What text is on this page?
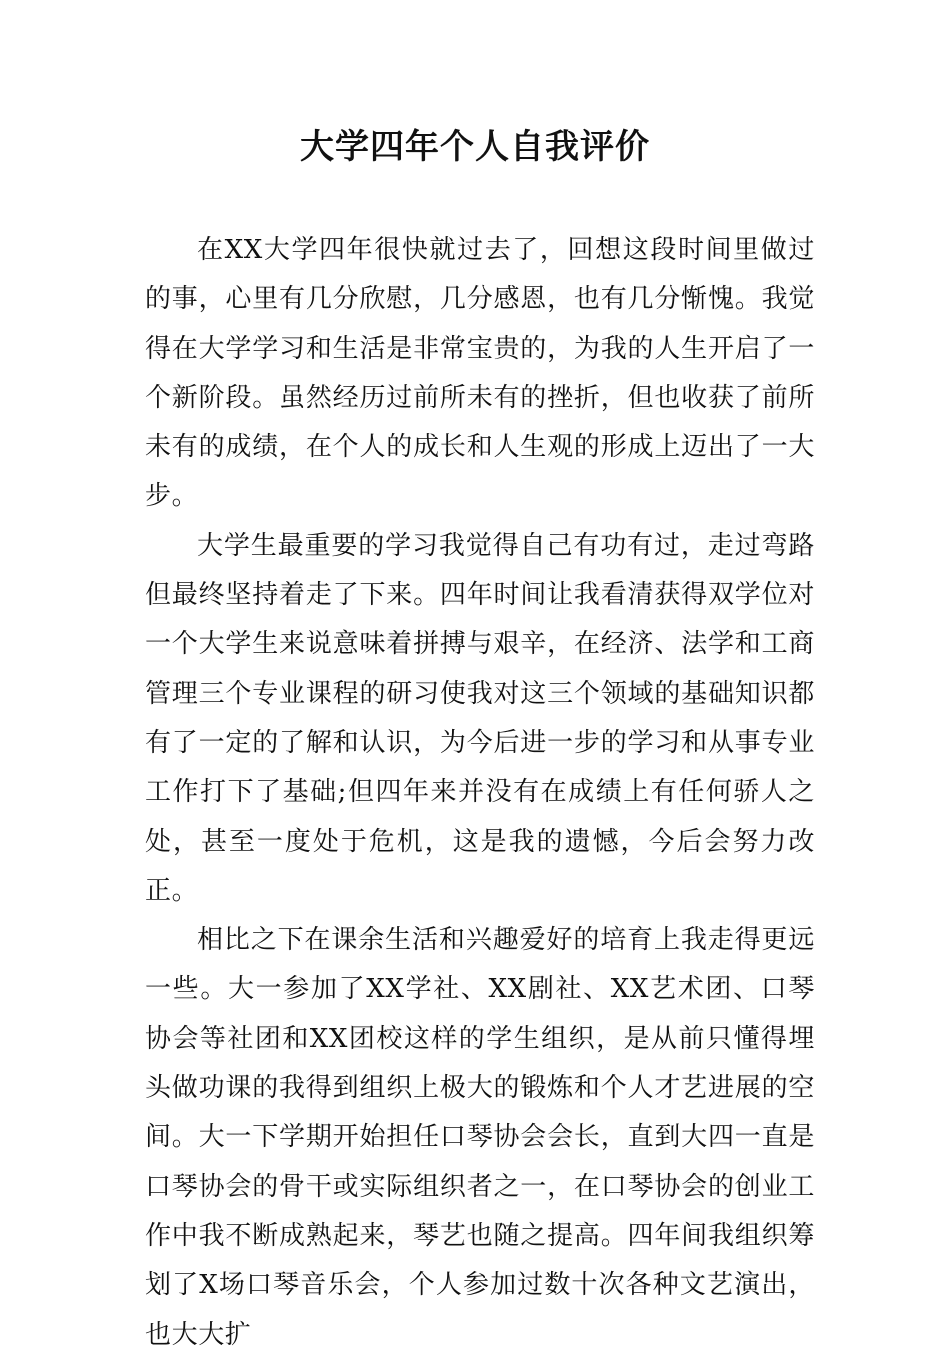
大学四年个人自我评价

在XX大学四年很快就过去了，回想这段时间里做过的事，心里有几分欣慰，几分感恩，也有几分惭愧。我觉得在大学学习和生活是非常宝贵的，为我的人生开启了一个新阶段。虽然经历过前所未有的挫折，但也收获了前所未有的成绩，在个人的成长和人生观的形成上迈出了一大步。

大学生最重要的学习我觉得自己有功有过，走过弯路但最终坚持着走了下来。四年时间让我看清获得双学位对一个大学生来说意味着拼搏与艰辛，在经济、法学和工商管理三个专业课程的研习使我对这三个领域的基础知识都有了一定的了解和认识，为今后进一步的学习和从事专业工作打下了基础;但四年来并没有在成绩上有任何骄人之处，甚至一度处于危机，这是我的遗憾，今后会努力改正。

相比之下在课余生活和兴趣爱好的培育上我走得更远一些。大一参加了XX学社、XX剧社、XX艺术团、口琴协会等社团和XX团校这样的学生组织，是从前只懂得埋头做功课的我得到组织上极大的锻炼和个人才艺进展的空间。大一下学期开始担任口琴协会会长，直到大四一直是口琴协会的骨干或实际组织者之一，在口琴协会的创业工作中我不断成熟起来，琴艺也随之提高。四年间我组织筹划了X场口琴音乐会，个人参加过数十次各种文艺演出，也大大扩
